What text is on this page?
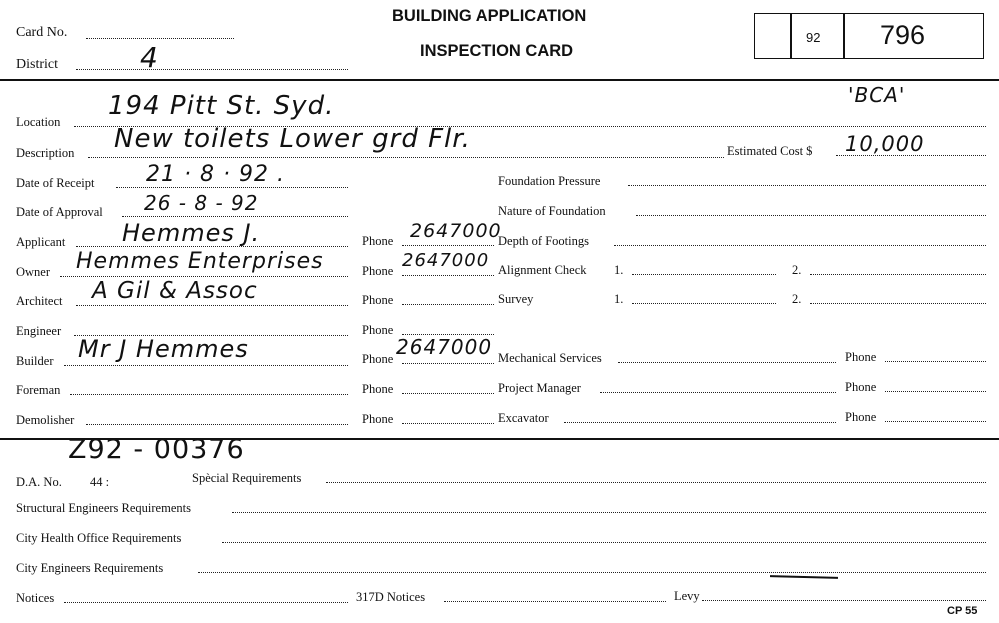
Card No.
District	4
BUILDING APPLICATION
INSPECTION CARD
92 796
Location
194 Pitt St. Syd.	'BCA'
Description New toilets Lower grd Flr.	Estimated Cost $ 10,000
Date of Receipt 21 · 8 · 92 .
Date of Approval 26 - 8 - 92
Applicant Hemmes J.	Phone 2647000
Owner Hemmes Enterprises	Phone 2647000
Architect A Gil & Assoc	Phone
Engineer	Phone
Builder Mr J Hemmes	Phone 2647000
Foreman	Phone
Demolisher	Phone
Foundation Pressure
Nature of Foundation
Depth of Footings
Alignment Check 1.	2.
Survey	1.	2.
Mechanical Services	Phone
Project Manager	Phone
Excavator	Phone
Z92 - 00376
D.A. No. 44 :	Spècial Requirements
Structural Engineers Requirements
City Health Office Requirements
City Engineers Requirements
Notices	317D Notices	Levy
CP 55
